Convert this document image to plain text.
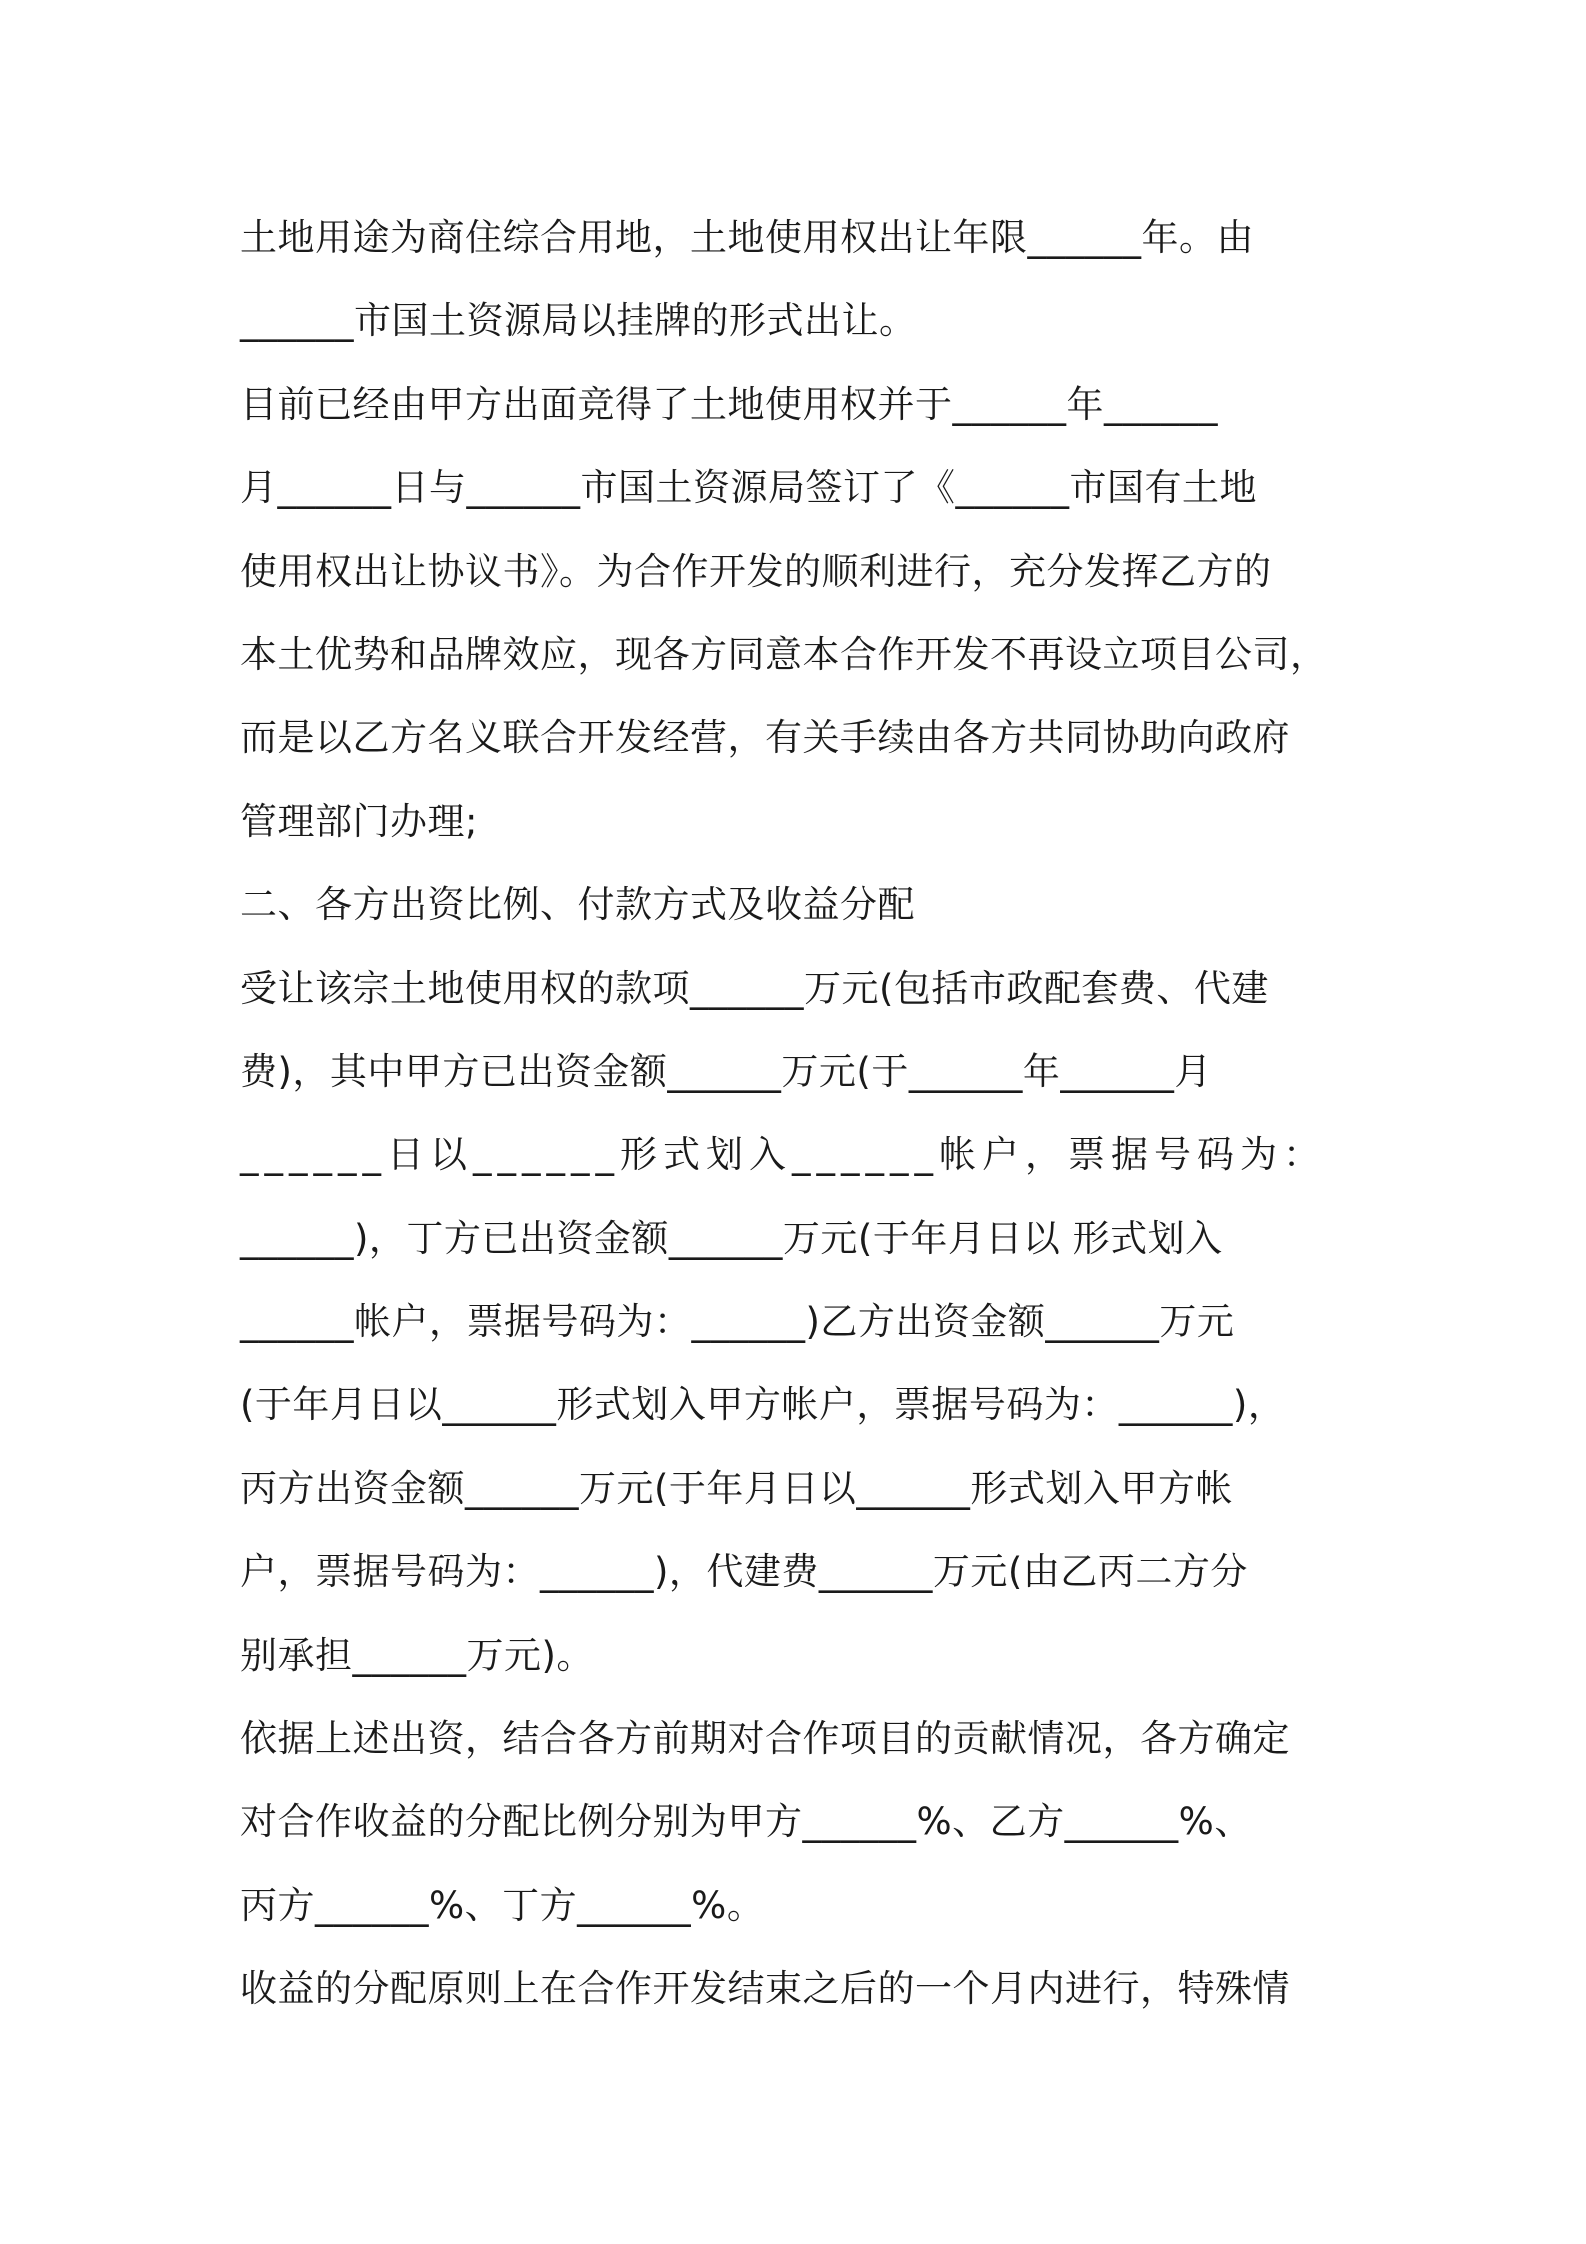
土地用途为商住综合用地，土地使用权出让年限______年。由
______市国土资源局以挂牌的形式出让。
目前已经由甲方出面竞得了土地使用权并于______年______
月______日与______市国土资源局签订了《______市国有土地
使用权出让协议书》。为合作开发的顺利进行，充分发挥乙方的
本土优势和品牌效应，现各方同意本合作开发不再设立项目公司，
而是以乙方名义联合开发经营，有关手续由各方共同协助向政府
管理部门办理;
二、各方出资比例、付款方式及收益分配
受让该宗土地使用权的款项______万元(包括市政配套费、代建
费)，其中甲方已出资金额______万元(于______年______月
______日以______形式划入______帐户，票据号码为：
______)，丁方已出资金额______万元(于年月日以 形式划入
______帐户，票据号码为：______)乙方出资金额______万元
(于年月日以______形式划入甲方帐户，票据号码为：______)，
丙方出资金额______万元(于年月日以______形式划入甲方帐
户，票据号码为：______)，代建费______万元(由乙丙二方分
别承担______万元)。
依据上述出资，结合各方前期对合作项目的贡献情况，各方确定
对合作收益的分配比例分别为甲方______%、乙方______%、
丙方______%、丁方______%。
收益的分配原则上在合作开发结束之后的一个月内进行，特殊情
